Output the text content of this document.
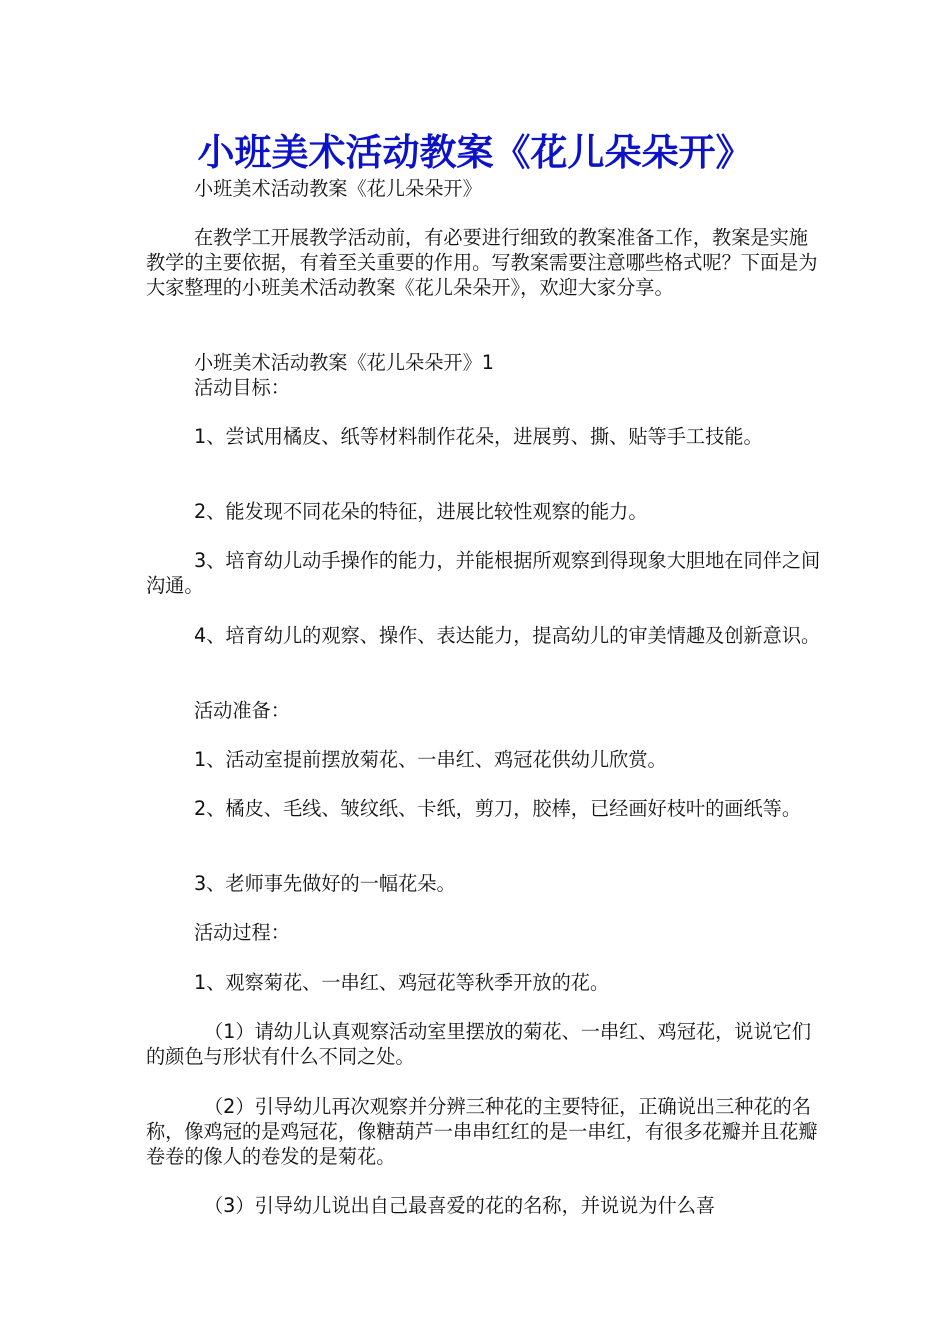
小班美术活动教案《花儿朵朵开》

小班美术活动教案《花儿朵朵开》

在教学工开展教学活动前，有必要进行细致的教案准备工作，教案是实施教学的主要依据，有着至关重要的作用。写教案需要注意哪些格式呢？下面是为大家整理的小班美术活动教案《花儿朵朵开》，欢迎大家分享。

小班美术活动教案《花儿朵朵开》1

活动目标：

1、尝试用橘皮、纸等材料制作花朵，进展剪、撕、贴等手工技能。

2、能发现不同花朵的特征，进展比较性观察的能力。

3、培育幼儿动手操作的能力，并能根据所观察到得现象大胆地在同伴之间沟通。

4、培育幼儿的观察、操作、表达能力，提高幼儿的审美情趣及创新意识。

活动准备：

1、活动室提前摆放菊花、一串红、鸡冠花供幼儿欣赏。

2、橘皮、毛线、皱纹纸、卡纸，剪刀，胶棒，已经画好枝叶的画纸等。

3、老师事先做好的一幅花朵。

活动过程：

1、观察菊花、一串红、鸡冠花等秋季开放的花。

（1）请幼儿认真观察活动室里摆放的菊花、一串红、鸡冠花，说说它们的颜色与形状有什么不同之处。

（2）引导幼儿再次观察并分辨三种花的主要特征，正确说出三种花的名称，像鸡冠的是鸡冠花，像糖葫芦一串串红红的是一串红，有很多花瓣并且花瓣卷卷的像人的卷发的是菊花。

（3）引导幼儿说出自己最喜爱的花的名称，并说说为什么喜
